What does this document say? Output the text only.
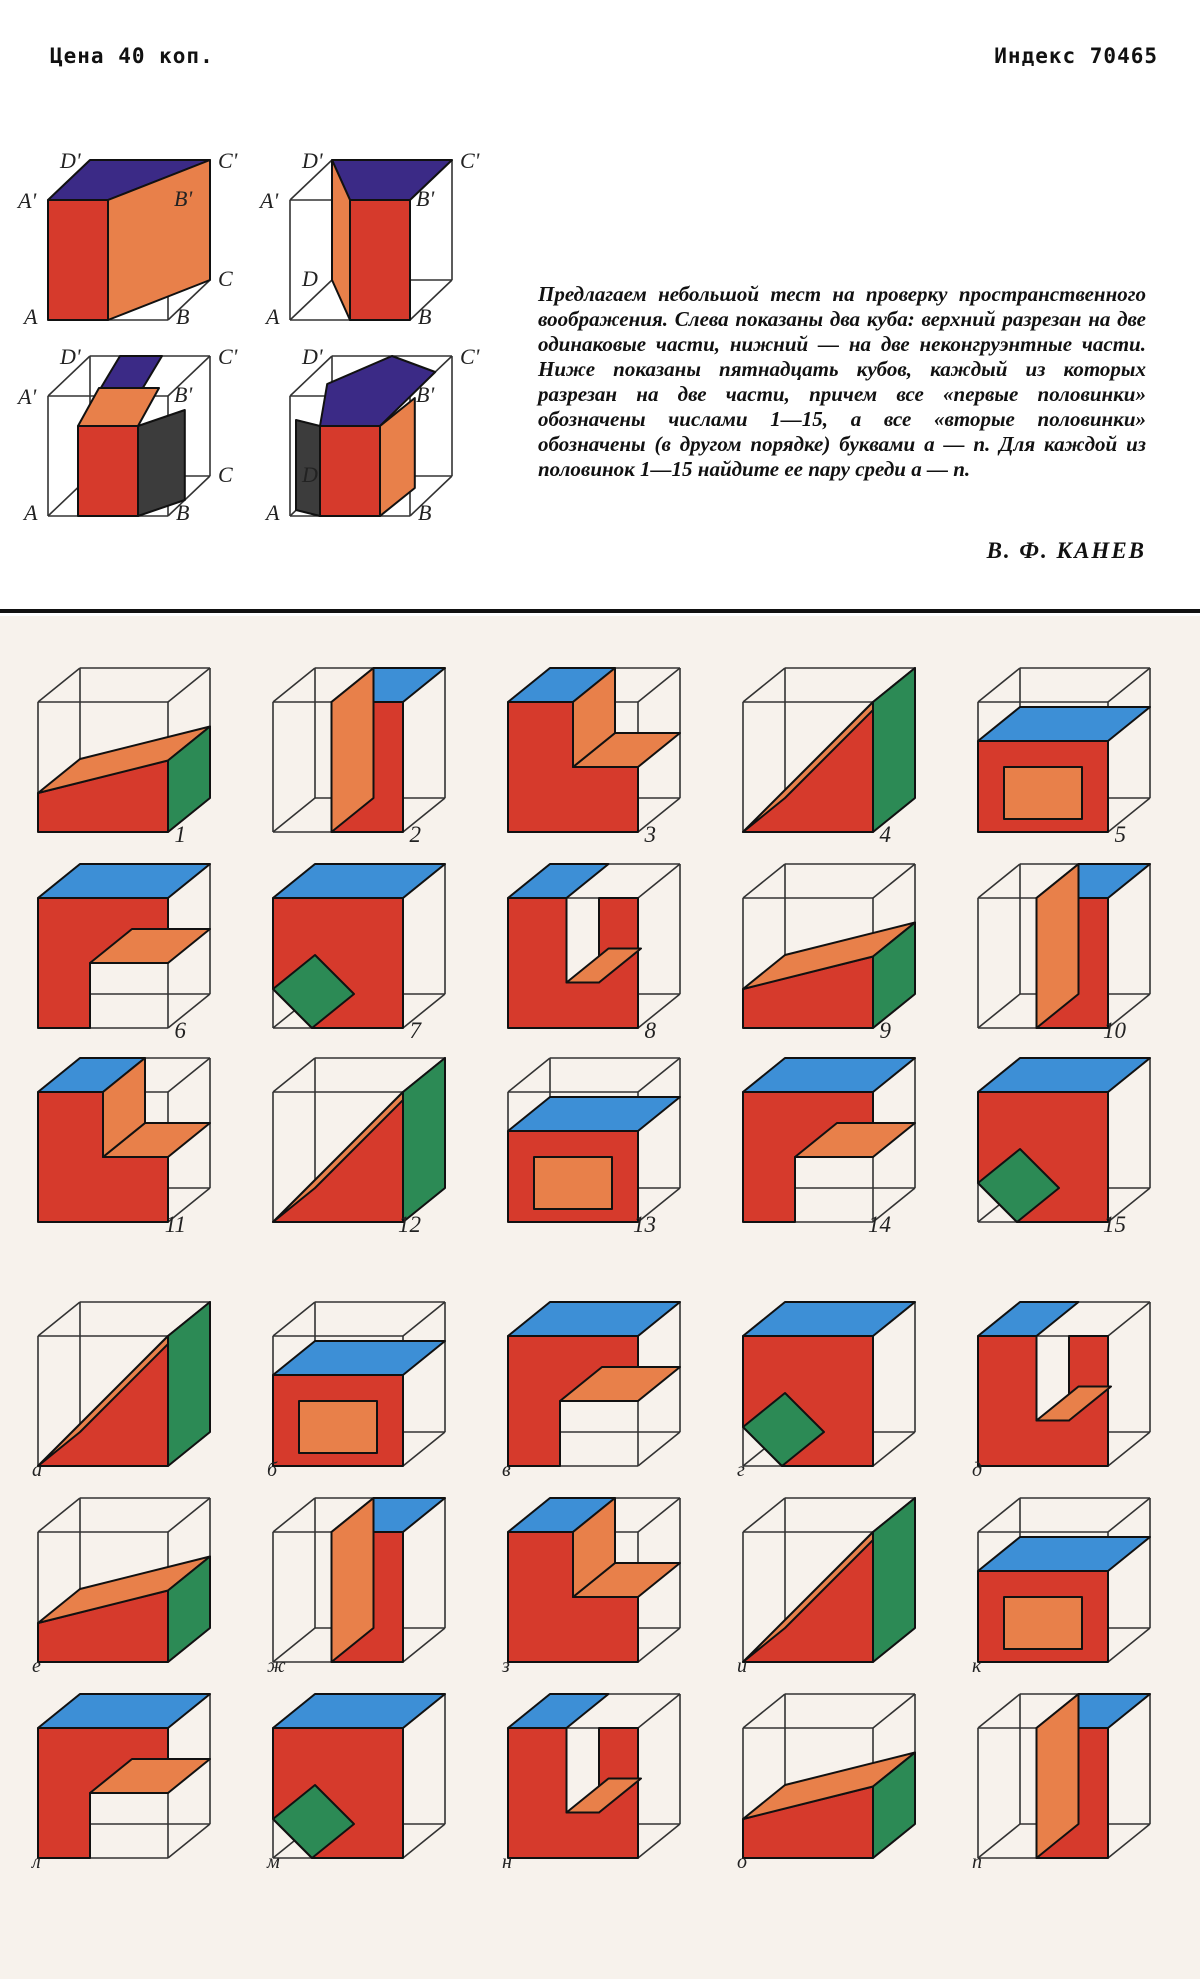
Цена 40 коп.	Индекс 70465
D'	C'
A'	B'
A	B
C
D'	C'
A'	B'
A	B
D
D'	C'
A'	B'
A	B
C
D'	C'
B'
A	B
D

Предлагаем небольшой тест на проверку пространственного воображения. Слева показаны два куба: верхний разрезан на две одинаковые части, нижний — на две неконгруэнтные части. Ниже показаны пятнадцать кубов, каждый из которых разрезан на две части, причем все «первые половинки» обозначены числами 1—15, а все «вторые половинки» обозначены (в другом порядке) буквами а — п. Для каждой из половинок 1—15 найдите ее пару среди а — п.

В. Ф. КАНЕВ
1	2	3	4	5
6	7	8	9	10
11	12	13	14	15
а	б	в	г	д
е	ж	з	и	к
л	м	н	о	п
